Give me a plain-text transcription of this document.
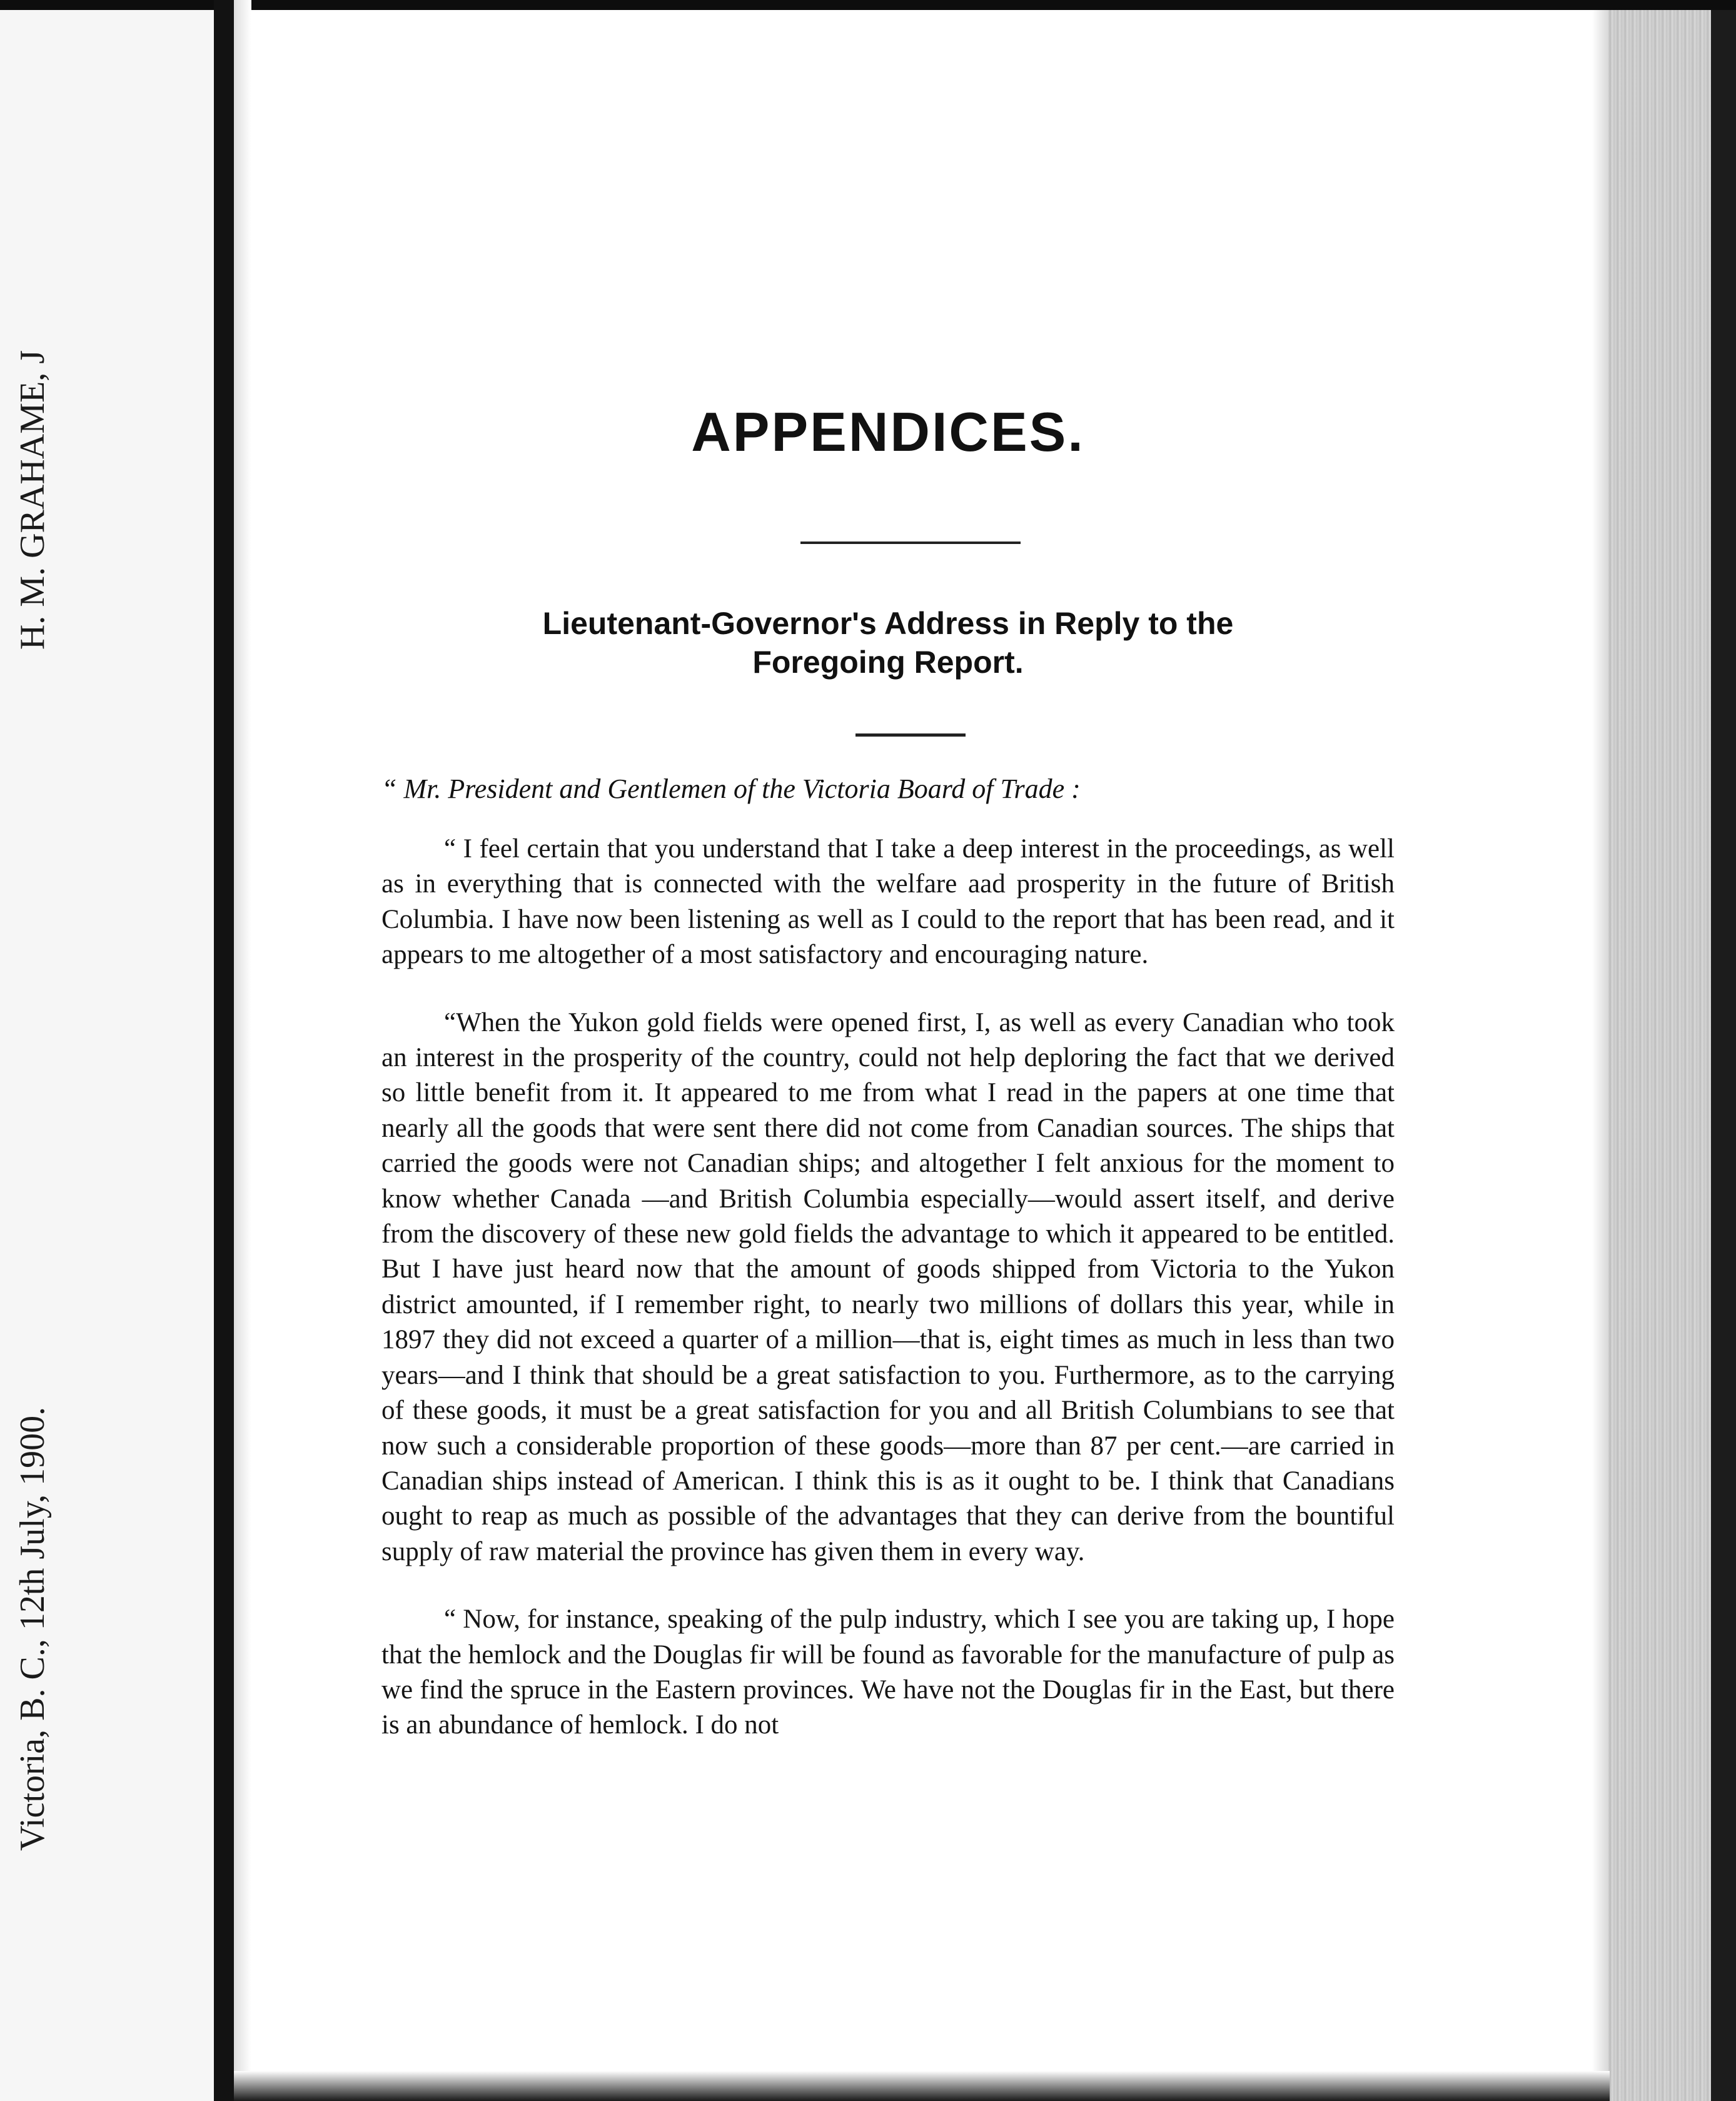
Victoria, B. C., 12th July, 1900.
H. M. GRAHAME, J	APPENDICES.
Lieutenant-Governor's Address in Reply to the
Foregoing Report.

“ Mr. President and Gentlemen of the Victoria Board of Trade :

“ I feel certain that you understand that I take a deep interest in the proceedings, as well as in everything that is connected with the welfare aad prosperity in the future of British Columbia. I have now been listening as well as I could to the report that has been read, and it appears to me altogether of a most satisfactory and encouraging nature.

“When the Yukon gold fields were opened first, I, as well as every Canadian who took an interest in the prosperity of the country, could not help deploring the fact that we derived so little benefit from it. It appeared to me from what I read in the papers at one time that nearly all the goods that were sent there did not come from Canadian sources. The ships that carried the goods were not Canadian ships; and altogether I felt anxious for the moment to know whether Canada —and British Columbia especially—would assert itself, and derive from the discovery of these new gold fields the advantage to which it appeared to be entitled. But I have just heard now that the amount of goods shipped from Victoria to the Yukon district amounted, if I remember right, to nearly two millions of dollars this year, while in 1897 they did not exceed a quarter of a million—that is, eight times as much in less than two years—and I think that should be a great satisfaction to you. Furthermore, as to the carrying of these goods, it must be a great satisfaction for you and all British Columbians to see that now such a considerable proportion of these goods—more than 87 per cent.—are carried in Canadian ships instead of American. I think this is as it ought to be. I think that Canadians ought to reap as much as possible of the advantages that they can derive from the bountiful supply of raw material the province has given them in every way.

“ Now, for instance, speaking of the pulp industry, which I see you are taking up, I hope that the hemlock and the Douglas fir will be found as favorable for the manufacture of pulp as we find the spruce in the Eastern provinces. We have not the Douglas fir in the East, but there is an abundance of hemlock. I do not
